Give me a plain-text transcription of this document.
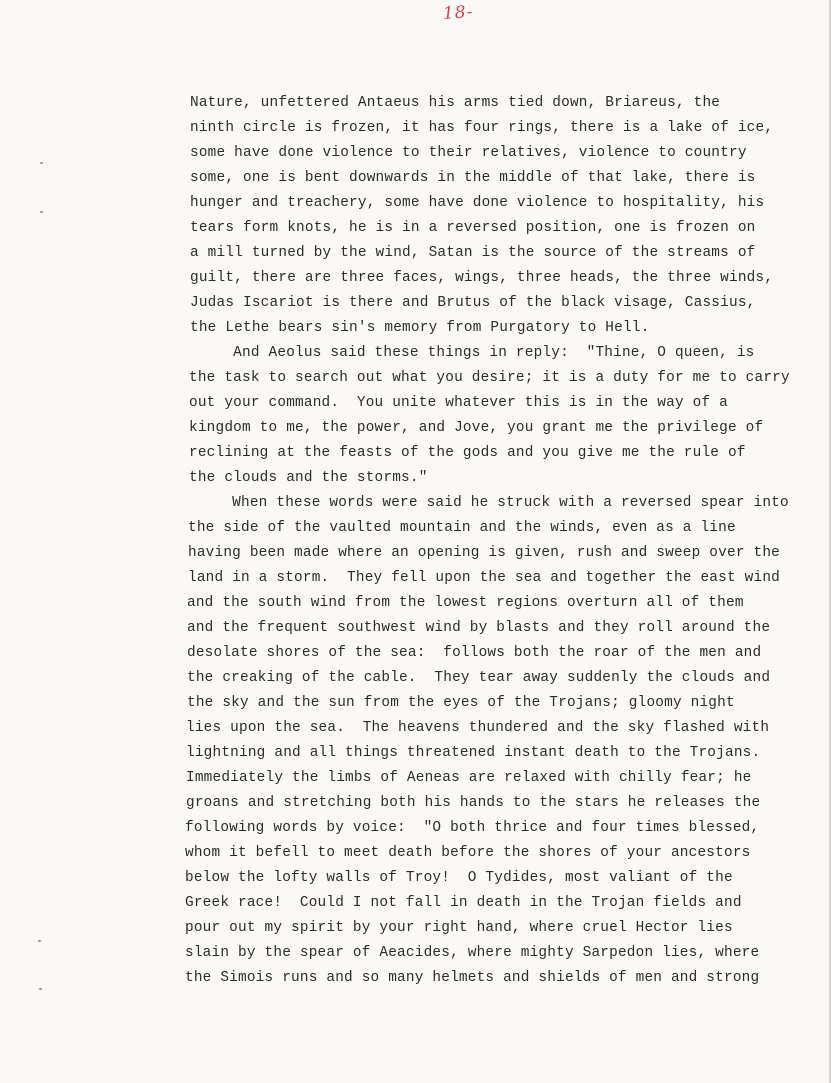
18-
Nature, unfettered Antaeus his arms tied down, Briareus, the
ninth circle is frozen, it has four rings, there is a lake of ice,
some have done violence to their relatives, violence to country
some, one is bent downwards in the middle of that lake, there is
hunger and treachery, some have done violence to hospitality, his
tears form knots, he is in a reversed position, one is frozen on
a mill turned by the wind, Satan is the source of the streams of
guilt, there are three faces, wings, three heads, the three winds,
Judas Iscariot is there and Brutus of the black visage, Cassius,
the Lethe bears sin's memory from Purgatory to Hell.
And Aeolus said these things in reply:  "Thine, O queen, is
the task to search out what you desire; it is a duty for me to carry
out your command.  You unite whatever this is in the way of a
kingdom to me, the power, and Jove, you grant me the privilege of
reclining at the feasts of the gods and you give me the rule of
the clouds and the storms."
When these words were said he struck with a reversed spear into
the side of the vaulted mountain and the winds, even as a line
having been made where an opening is given, rush and sweep over the
land in a storm.  They fell upon the sea and together the east wind
and the south wind from the lowest regions overturn all of them
and the frequent southwest wind by blasts and they roll around the
desolate shores of the sea:  follows both the roar of the men and
the creaking of the cable.  They tear away suddenly the clouds and
the sky and the sun from the eyes of the Trojans; gloomy night
lies upon the sea.  The heavens thundered and the sky flashed with
lightning and all things threatened instant death to the Trojans.
Immediately the limbs of Aeneas are relaxed with chilly fear; he
groans and stretching both his hands to the stars he releases the
following words by voice:  "O both thrice and four times blessed,
whom it befell to meet death before the shores of your ancestors
below the lofty walls of Troy!  O Tydides, most valiant of the
Greek race!  Could I not fall in death in the Trojan fields and
pour out my spirit by your right hand, where cruel Hector lies
slain by the spear of Aeacides, where mighty Sarpedon lies, where
the Simois runs and so many helmets and shields of men and strong
